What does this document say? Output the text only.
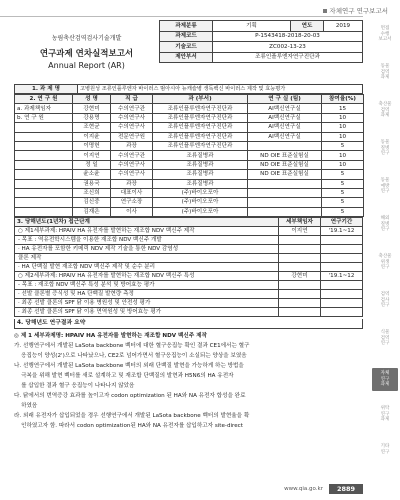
자체연구 연구보고서
면접
수행
보고서
동물
검역
과제
축산물
검역
과제
동물
질병
연구
동물
예방
연구
해외
질병
연구
축산물
위생
연구
검역
검사
연구
식물
검역
연구
자체
연구
과제
위탁
연구
과제
기타
연구
농림축산검역검사기술개발
연구과제 연차실적보고서
Annual Report (AR)
과제분류	기획	연도	2019
과제코드	P-1543418-2018-20-03		
기술코드	ZC002-13-23		
제안부서	조류인플루엔자연구진단과		
1. 과 제 명	고병원성 조류인플루엔자 바이러스 범아시아 뉴캐슬병 생독백신 바이러스 제작 및 효능평가
2. 연 구 원	성 명	직 급	과 (부서)	연 구 실 (팀)	참여율(%)
a. 과제책임자	강현미	수의연구관	조류인플루엔자연구진단과	AI백신연구실	15
b. 연 구 원	강용명	수의연구사	조류인플루엔자연구진단과	AI백신연구실	10
	조현균	수의연구사	조류인플루엔자연구진단과	AI백신연구실	10
	이지윤	전문연구원	조류인플루엔자연구진단과	AI백신연구실	10
	이명헌	과장	조류인플루엔자연구진단과		5
	이지연	수의연구관	조류질병과	ND OIE 표준실험실	10
	정 일	수의연구사	조류질병과	ND OIE 표준실험실	10
	윤소윤	수의연구사	조류질병과	ND OIE 표준실험실	5
	권용국	과장	조류질병과		5
	조신희	대표이사	(주)바이오포아		5
	김신중	연구소장	(주)바이오포아		5
	김재은	이사	(주)바이오포아		5
3. 당해년도(1년차) 접근단계	세부책임자	연구기간
○ 제1세부과제: HPAIV HA 유전자를 발현하는 재조합 NDV 백신주 제작	이지연	'19.1~12
- 목표 : 역유전학시스템을 이용한 재조합 NDV 백신주 개발		
· HA 유전자를 포함한 키메릭 NDV 제작 기술을 통한 NDV 감염성		
클론 제작		
· HA 단백질 발현 재조합 NDV 백신주 제작 및 순수 분리		
○ 제2세부과제: HPAIV HA 유전자를 발현하는 재조합 NDV 백신주 특성	강현미	'19.1~12
- 목표 : 재조합 NDV 백신주 특성 분석 및 방어효능 평가		
· 선발 클론별 증식성 및 HA 단백질 발현량 측정		
· 최종 선발 클론의 SPF 닭 이용 병원성 및 안전성 평가		
· 최종 선발 클론의 SPF 닭 이용 면역원성 및 방어효능 평가		
4. 당해년도 연구결과 요약

◎ 제 1 세부과제명: HPAIV HA 유전자를 발현하는 재조합 NDV 백신주 제작

가. 선행연구에서 개발된 LaSota backbone 벡터에 대한 혈구응집능 확인 결과 CE1에서는 혈구

응집능이 양성(2')으로 나타났으나, CE2로 넘어가면서 혈구응집능이 소실되는 양상을 보였음

나. 선행연구에서 개발된 LaSota backbone 벡터의 외래 단백질 발현을 가능하게 하는 방법을

극복을 위해 발현 벡터를 새로 설계하고 및 재조합 단백질의 발현과 H5N6의 HA 유전자

를 삽입한 결과 혈구 응집능이 나타나지 않았음

다. 닭에서의 번역증강 효과를 높이고자 codon optimization 된 HA와 NA 유전자 합성을 완료

하였음

라. 외래 유전자가 삽입되었을 경우 선행연구에서 개발된 LaSota backbone 벡터의 발현율을 확

인하였고자 함. 따라서 codon optimization된 HA와 NA 유전자를 삽입하고자 site-direct

www.qia.go.kr	2889
